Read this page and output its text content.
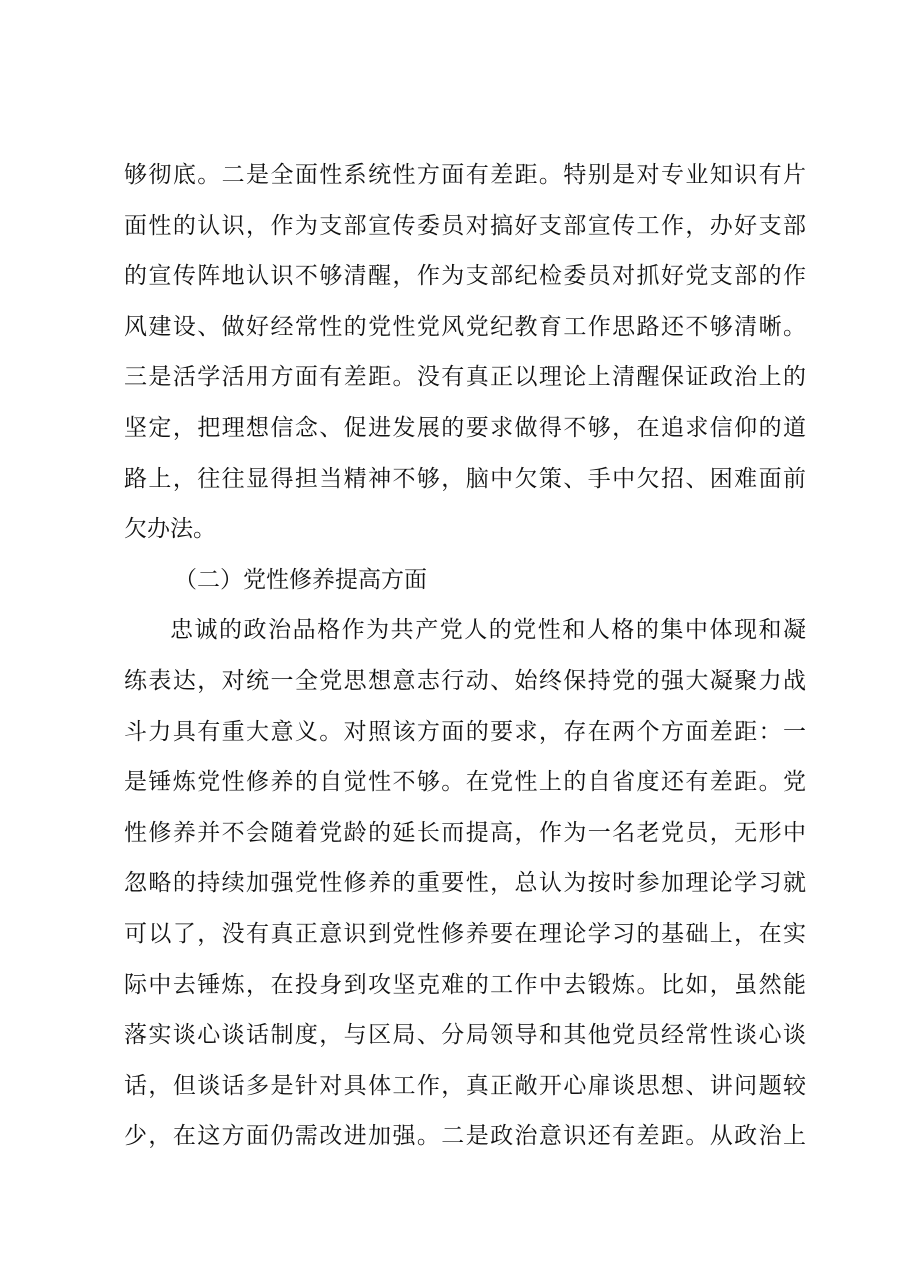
够彻底。二是全面性系统性方面有差距。特别是对专业知识有片
面性的认识，作为支部宣传委员对搞好支部宣传工作，办好支部
的宣传阵地认识不够清醒，作为支部纪检委员对抓好党支部的作
风建设、做好经常性的党性党风党纪教育工作思路还不够清晰。
三是活学活用方面有差距。没有真正以理论上清醒保证政治上的
坚定，把理想信念、促进发展的要求做得不够，在追求信仰的道
路上，往往显得担当精神不够，脑中欠策、手中欠招、困难面前
欠办法。
（二）党性修养提高方面
忠诚的政治品格作为共产党人的党性和人格的集中体现和凝
练表达，对统一全党思想意志行动、始终保持党的强大凝聚力战
斗力具有重大意义。对照该方面的要求，存在两个方面差距：一
是锤炼党性修养的自觉性不够。在党性上的自省度还有差距。党
性修养并不会随着党龄的延长而提高，作为一名老党员，无形中
忽略的持续加强党性修养的重要性，总认为按时参加理论学习就
可以了，没有真正意识到党性修养要在理论学习的基础上，在实
际中去锤炼，在投身到攻坚克难的工作中去锻炼。比如，虽然能
落实谈心谈话制度，与区局、分局领导和其他党员经常性谈心谈
话，但谈话多是针对具体工作，真正敞开心扉谈思想、讲问题较
少，在这方面仍需改进加强。二是政治意识还有差距。从政治上
